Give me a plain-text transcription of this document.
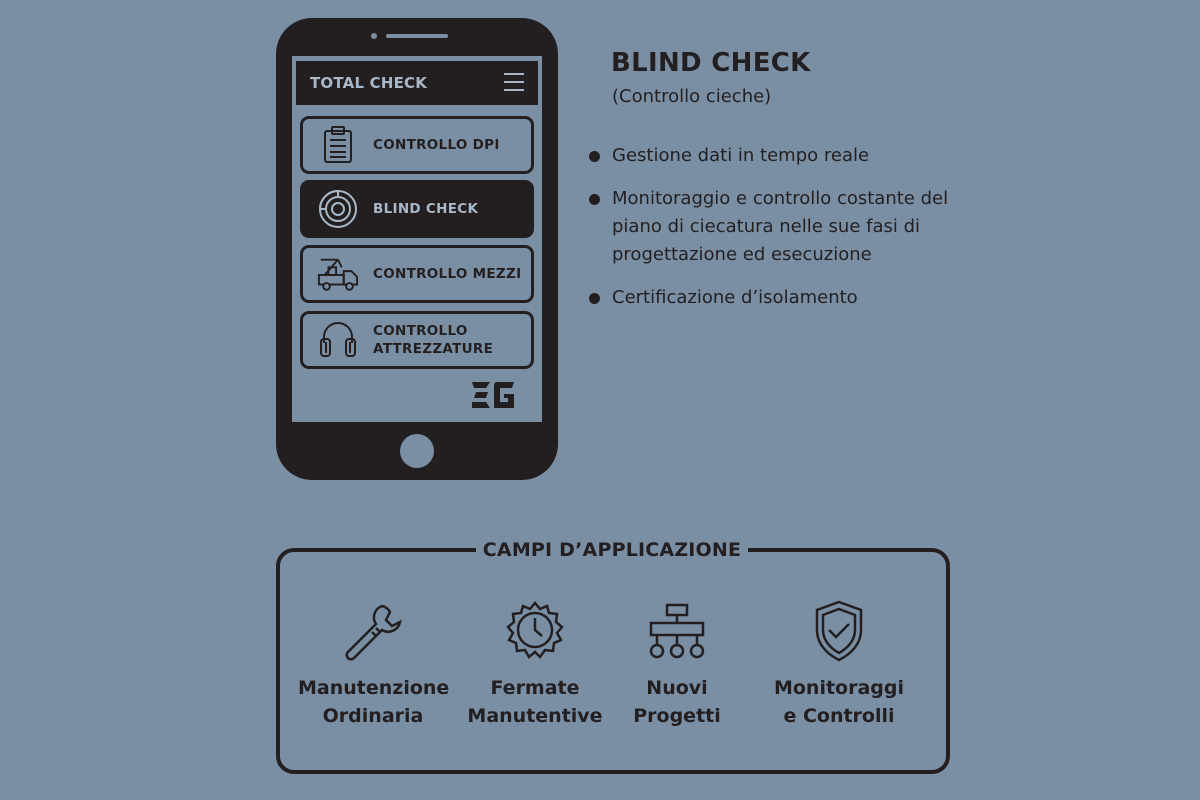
TOTAL CHECK
CONTROLLO DPI
BLIND CHECK
CONTROLLO MEZZI
CONTROLLO
ATTREZZATURE
BLIND CHECK
(Controllo cieche)
Gestione dati in tempo reale
Monitoraggio e controllo costante del piano di ciecatura nelle sue fasi di progettazione ed esecuzione
Certificazione d’isolamento
CAMPI D’APPLICAZIONE
Manutenzione
Ordinaria
Fermate
Manutentive
Nuovi
Progetti
Monitoraggi
e Controlli
